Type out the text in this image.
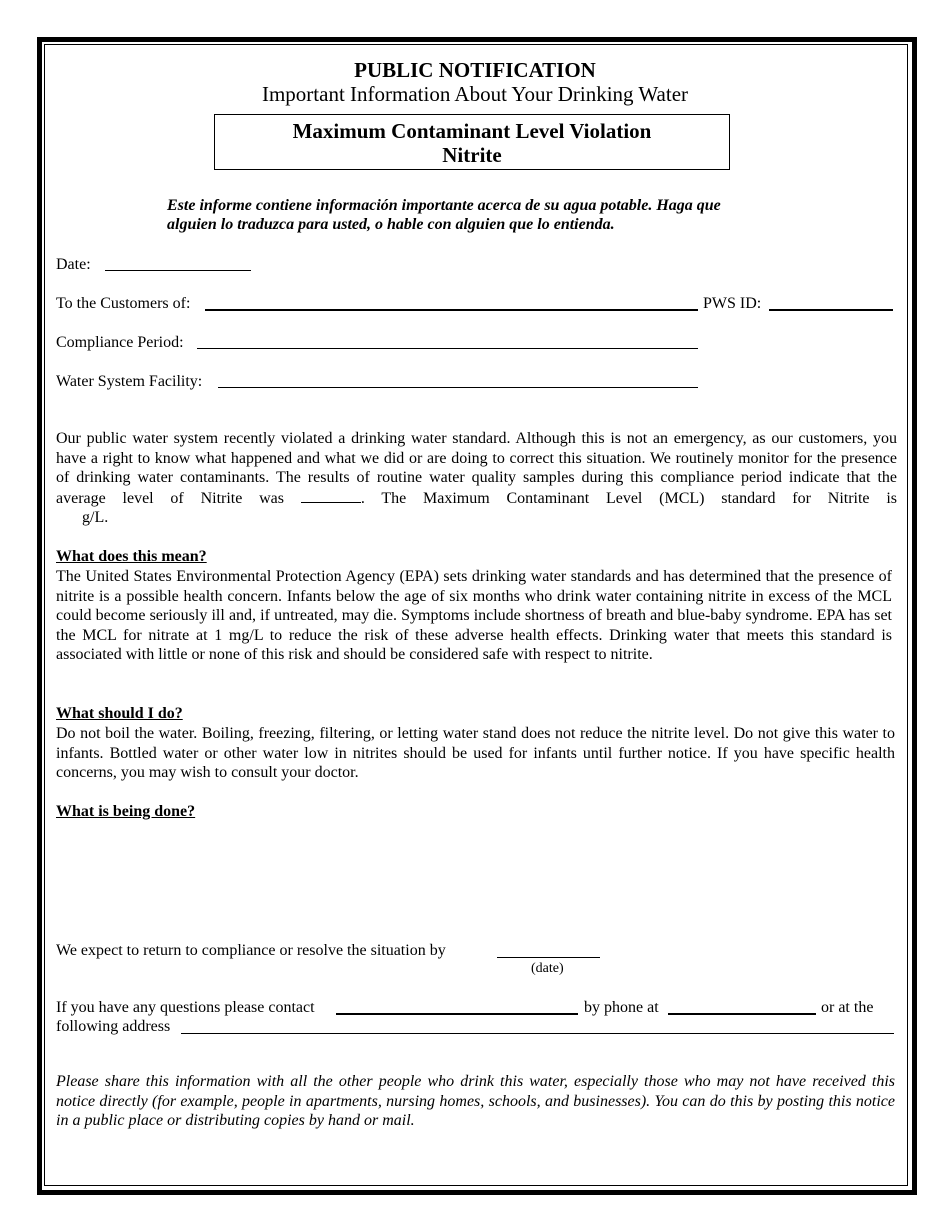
PUBLIC NOTIFICATION
Important Information About Your Drinking Water
Maximum Contaminant Level Violation
Nitrite
Este informe contiene información importante acerca de su agua potable. Haga que
alguien lo traduzca para usted, o hable con alguien que lo entienda.
Date:
To the Customers of:	PWS ID:
Compliance Period:
Water System Facility:
Our public water system recently violated a drinking water standard. Although this is not an emergency, as our customers, you have a right to know what happened and what we did or are doing to correct this situation. We routinely monitor for the presence of drinking water contaminants. The results of routine water quality samples during this compliance period indicate that the average level of Nitrite was	. The Maximum Contaminant Level (MCL) standard for Nitrite is
g/L.
What does this mean?
The United States Environmental Protection Agency (EPA) sets drinking water standards and has determined that the presence of nitrite is a possible health concern. Infants below the age of six months who drink water containing nitrite in excess of the MCL could become seriously ill and, if untreated, may die. Symptoms include shortness of breath and blue-baby syndrome. EPA has set the MCL for nitrate at 1 mg/L to reduce the risk of these adverse health effects. Drinking water that meets this standard is associated with little or none of this risk and should be considered safe with respect to nitrite.
What should I do?
Do not boil the water. Boiling, freezing, filtering, or letting water stand does not reduce the nitrite level. Do not give this water to infants. Bottled water or other water low in nitrites should be used for infants until further notice. If you have specific health concerns, you may wish to consult your doctor.
What is being done?
We expect to return to compliance or resolve the situation by
(date)
If you have any questions please contact	by phone at	or at the
following address
Please share this information with all the other people who drink this water, especially those who may not have received this notice directly (for example, people in apartments, nursing homes, schools, and businesses). You can do this by posting this notice in a public place or distributing copies by hand or mail.
